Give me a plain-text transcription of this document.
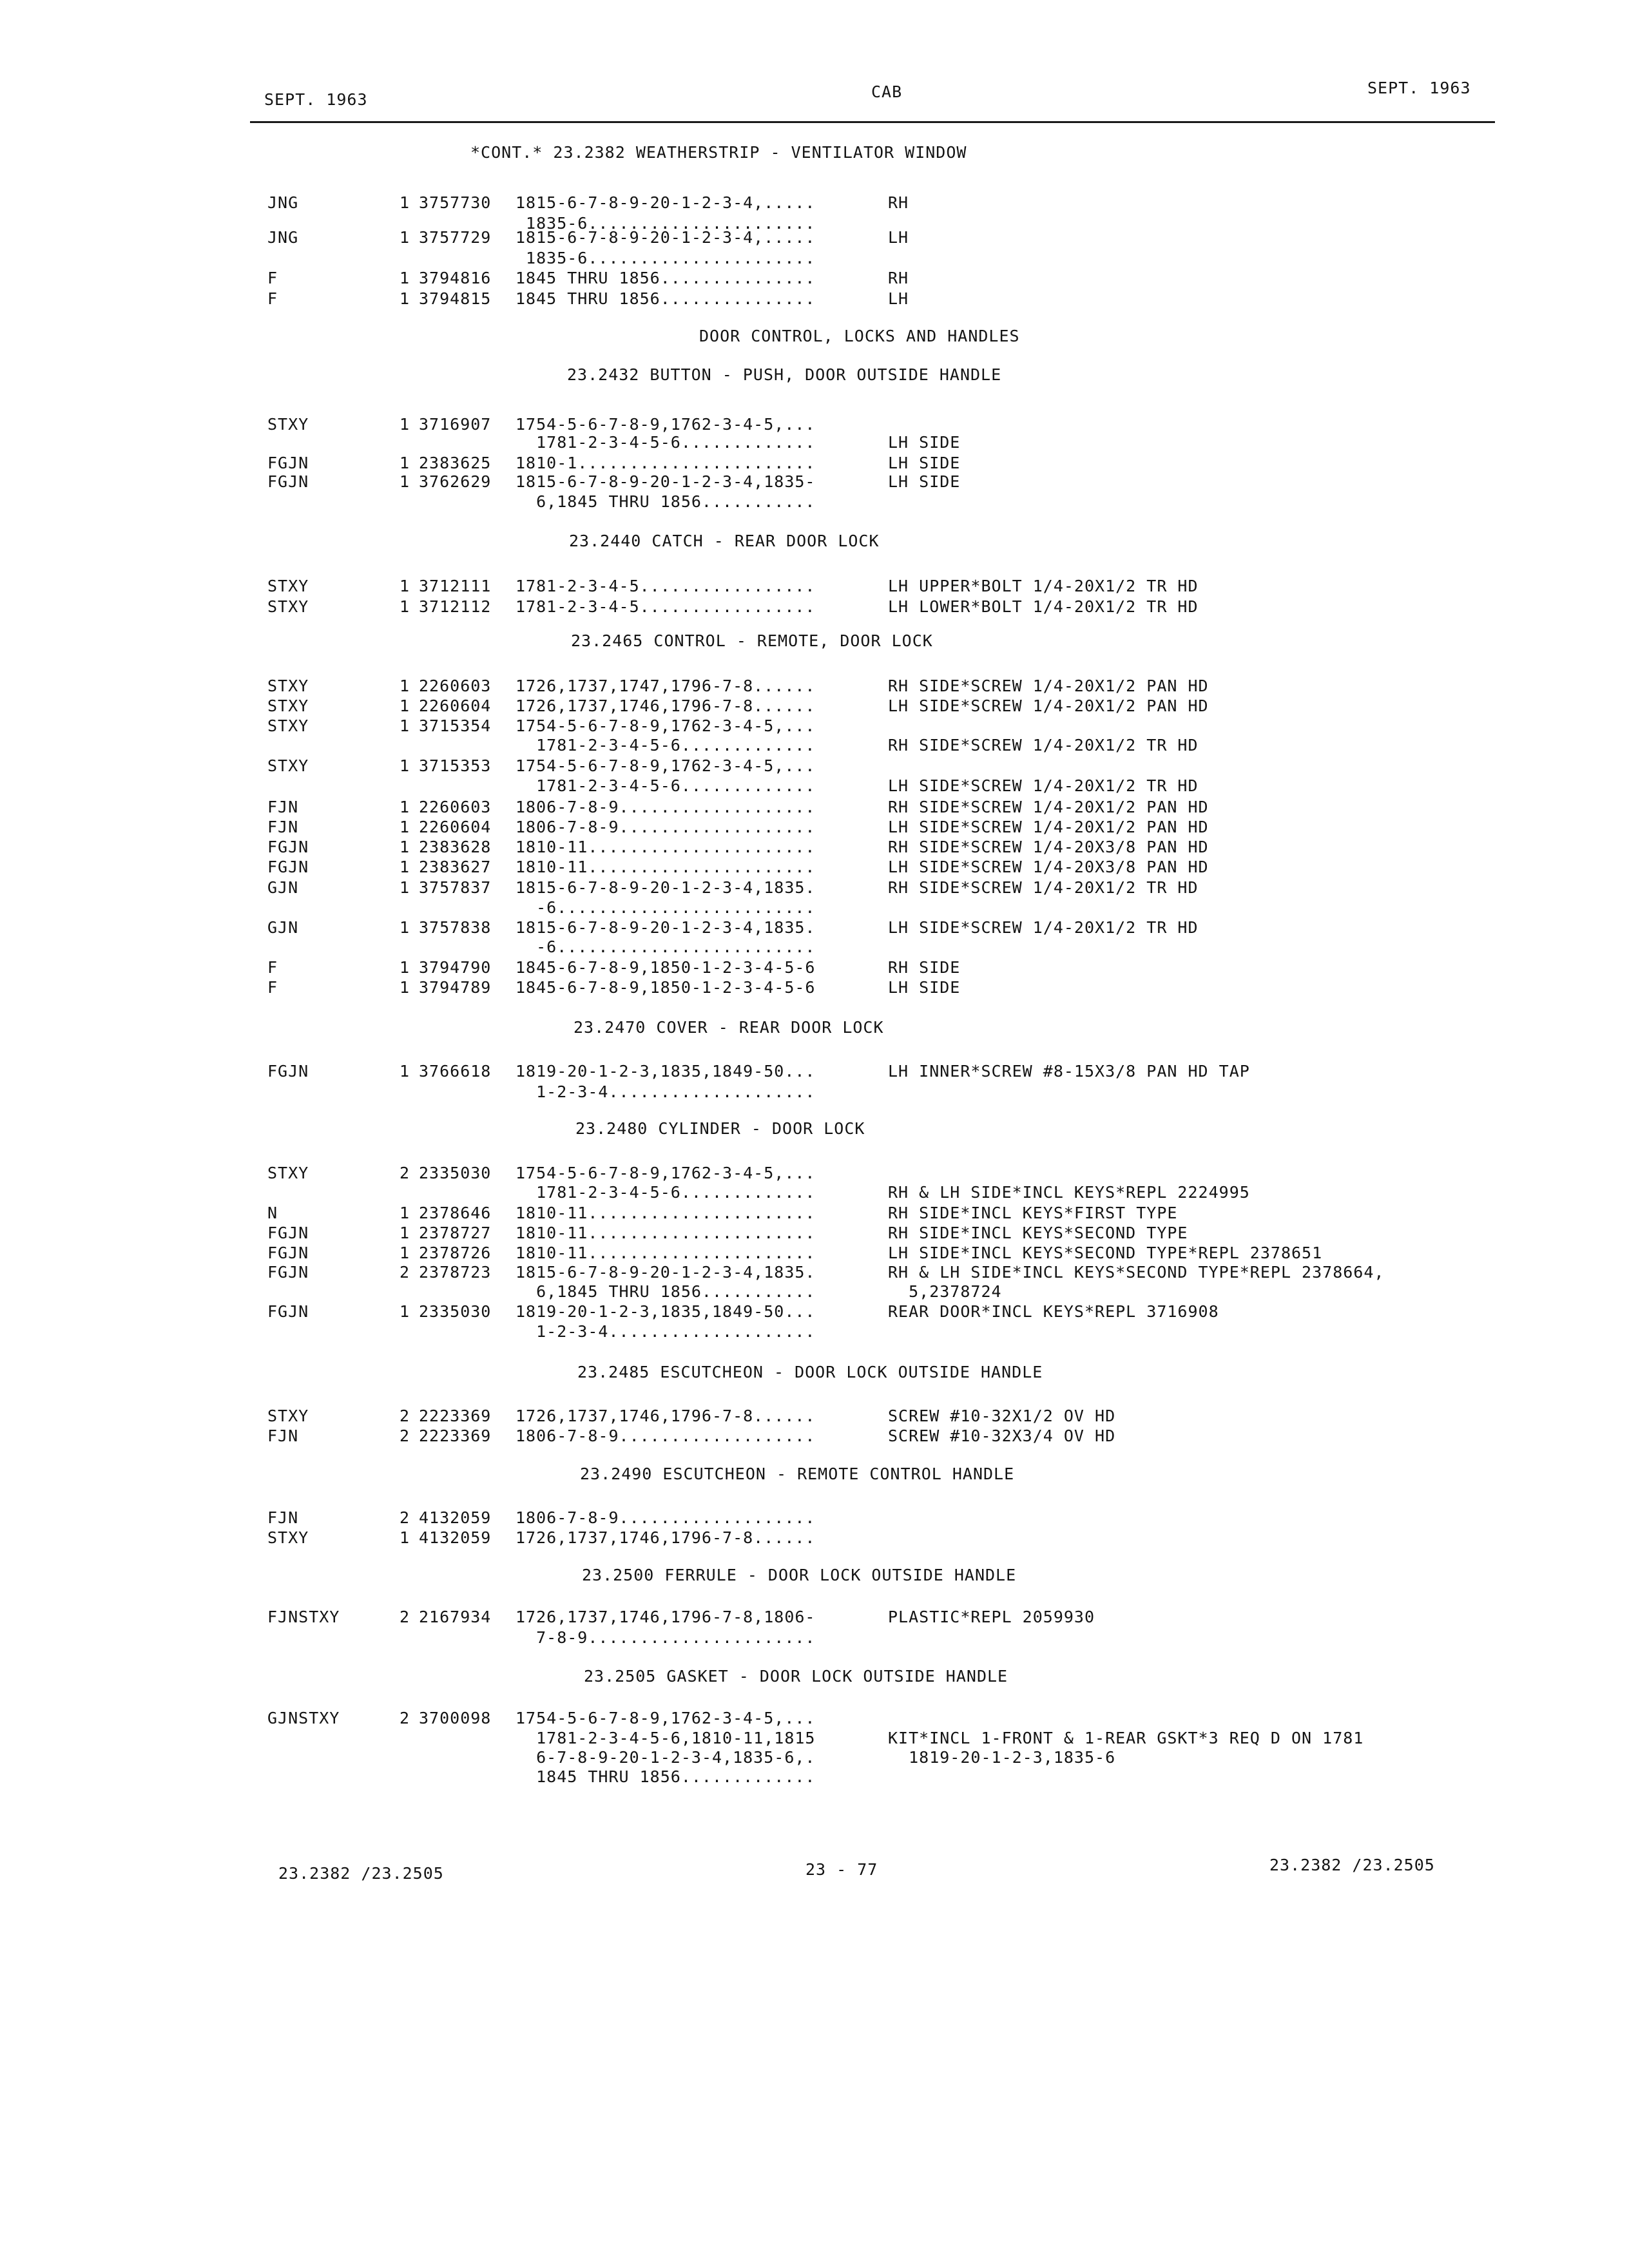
SEPT. 1963	CAB	SEPT. 1963
*CONT.* 23.2382 WEATHERSTRIP - VENTILATOR WINDOW
DOOR CONTROL, LOCKS AND HANDLES
23.2432 BUTTON - PUSH, DOOR OUTSIDE HANDLE
23.2440 CATCH - REAR DOOR LOCK
23.2465 CONTROL - REMOTE, DOOR LOCK
23.2470 COVER - REAR DOOR LOCK
23.2480 CYLINDER - DOOR LOCK
23.2485 ESCUTCHEON - DOOR LOCK OUTSIDE HANDLE
23.2490 ESCUTCHEON - REMOTE CONTROL HANDLE
23.2500 FERRULE - DOOR LOCK OUTSIDE HANDLE
23.2505 GASKET - DOOR LOCK OUTSIDE HANDLE
JNG	1 3757730 1815-6-7-8-9-20-1-2-3-4,.....	RH
1835-6......................
JNG	1 3757729 1815-6-7-8-9-20-1-2-3-4,.....	LH
1835-6......................
F	1 3794816 1845 THRU 1856...............	RH
F	1 3794815 1845 THRU 1856...............	LH
STXY	1 3716907 1754-5-6-7-8-9,1762-3-4-5,...
1781-2-3-4-5-6.............	LH SIDE
FGJN	1 2383625 1810-1.......................	LH SIDE
FGJN	1 3762629 1815-6-7-8-9-20-1-2-3-4,1835-	LH SIDE
6,1845 THRU 1856...........
STXY	1 3712111 1781-2-3-4-5.................	LH UPPER*BOLT 1/4-20X1/2 TR HD
STXY	1 3712112 1781-2-3-4-5.................	LH LOWER*BOLT 1/4-20X1/2 TR HD
STXY	1 2260603 1726,1737,1747,1796-7-8......	RH SIDE*SCREW 1/4-20X1/2 PAN HD
STXY	1 2260604 1726,1737,1746,1796-7-8......	LH SIDE*SCREW 1/4-20X1/2 PAN HD
STXY	1 3715354 1754-5-6-7-8-9,1762-3-4-5,...
1781-2-3-4-5-6.............	RH SIDE*SCREW 1/4-20X1/2 TR HD
STXY	1 3715353 1754-5-6-7-8-9,1762-3-4-5,...
1781-2-3-4-5-6.............	LH SIDE*SCREW 1/4-20X1/2 TR HD
FJN	1 2260603 1806-7-8-9...................	RH SIDE*SCREW 1/4-20X1/2 PAN HD
FJN	1 2260604 1806-7-8-9...................	LH SIDE*SCREW 1/4-20X1/2 PAN HD
FGJN	1 2383628 1810-11......................	RH SIDE*SCREW 1/4-20X3/8 PAN HD
FGJN	1 2383627 1810-11......................	LH SIDE*SCREW 1/4-20X3/8 PAN HD
GJN	1 3757837 1815-6-7-8-9-20-1-2-3-4,1835.	RH SIDE*SCREW 1/4-20X1/2 TR HD
-6.........................
GJN	1 3757838 1815-6-7-8-9-20-1-2-3-4,1835.	LH SIDE*SCREW 1/4-20X1/2 TR HD
-6.........................
F	1 3794790 1845-6-7-8-9,1850-1-2-3-4-5-6	RH SIDE
F	1 3794789 1845-6-7-8-9,1850-1-2-3-4-5-6	LH SIDE
FGJN	1 3766618 1819-20-1-2-3,1835,1849-50...	LH INNER*SCREW #8-15X3/8 PAN HD TAP
1-2-3-4....................
STXY	2 2335030 1754-5-6-7-8-9,1762-3-4-5,...
1781-2-3-4-5-6.............	RH & LH SIDE*INCL KEYS*REPL 2224995
N	1 2378646 1810-11......................	RH SIDE*INCL KEYS*FIRST TYPE
FGJN	1 2378727 1810-11......................	RH SIDE*INCL KEYS*SECOND TYPE
FGJN	1 2378726 1810-11......................	LH SIDE*INCL KEYS*SECOND TYPE*REPL 2378651
FGJN	2 2378723 1815-6-7-8-9-20-1-2-3-4,1835.	RH & LH SIDE*INCL KEYS*SECOND TYPE*REPL 2378664,
6,1845 THRU 1856...........	5,2378724
FGJN	1 2335030 1819-20-1-2-3,1835,1849-50...	REAR DOOR*INCL KEYS*REPL 3716908
1-2-3-4....................
STXY	2 2223369 1726,1737,1746,1796-7-8......	SCREW #10-32X1/2 OV HD
FJN	2 2223369 1806-7-8-9...................	SCREW #10-32X3/4 OV HD
FJN	2 4132059 1806-7-8-9...................
STXY	1 4132059 1726,1737,1746,1796-7-8......
FJNSTXY	2 2167934 1726,1737,1746,1796-7-8,1806-	PLASTIC*REPL 2059930
7-8-9......................
GJNSTXY	2 3700098 1754-5-6-7-8-9,1762-3-4-5,...
1781-2-3-4-5-6,1810-11,1815	KIT*INCL 1-FRONT & 1-REAR GSKT*3 REQ D ON 1781
6-7-8-9-20-1-2-3-4,1835-6,.	1819-20-1-2-3,1835-6
1845 THRU 1856.............
23.2382 /23.2505	23 - 77	23.2382 /23.2505
